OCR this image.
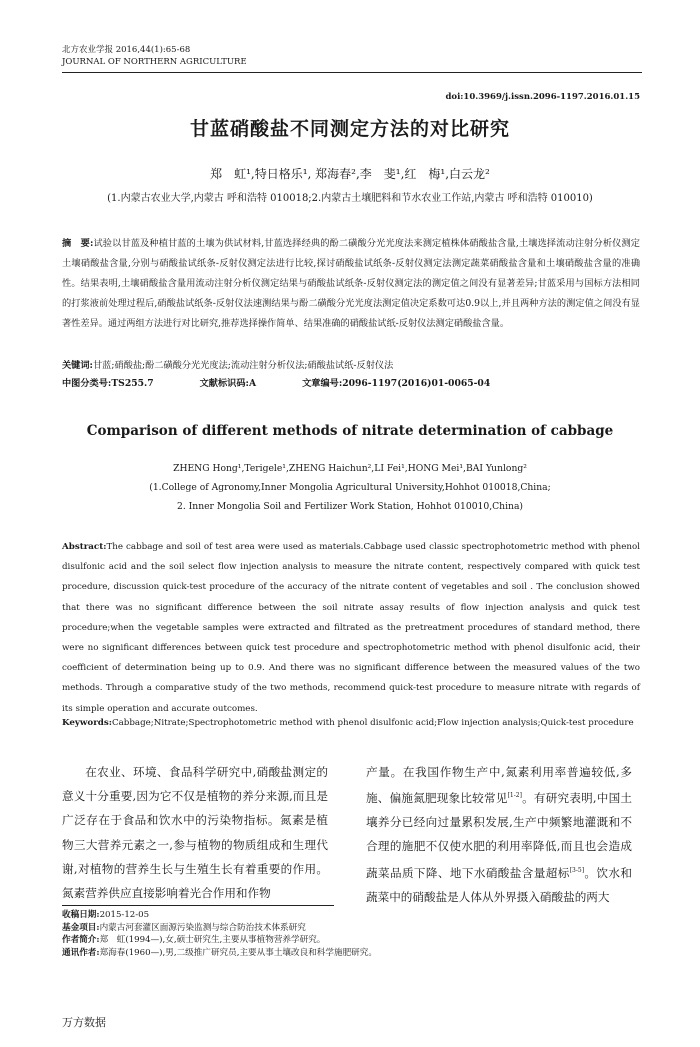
北方农业学报 2016,44(1):65-68
JOURNAL OF NORTHERN AGRICULTURE
doi:10.3969/j.issn.2096-1197.2016.01.15
甘蓝硝酸盐不同测定方法的对比研究
郑　虹¹,特日格乐¹, 郑海春²,李　斐¹,红　梅¹,白云龙²
(1.内蒙古农业大学,内蒙古 呼和浩特 010018;2.内蒙古土壤肥料和节水农业工作站,内蒙古 呼和浩特 010010)
摘　要:试验以甘蓝及种植甘蓝的土壤为供试材料,甘蓝选择经典的酚二磺酸分光光度法来测定植株体硝酸盐含量,土壤选择流动注射分析仪测定土壤硝酸盐含量,分别与硝酸盐试纸条-反射仪测定法进行比较,探讨硝酸盐试纸条-反射仪测定法测定蔬菜硝酸盐含量和土壤硝酸盐含量的准确性。结果表明,土壤硝酸盐含量用流动注射分析仪测定结果与硝酸盐试纸条-反射仪测定法的测定值之间没有显著差异;甘蓝采用与国标方法相同的打浆液前处理过程后,硝酸盐试纸条-反射仪法速测结果与酚二磺酸分光光度法测定值决定系数可达0.9以上,并且两种方法的测定值之间没有显著性差异。通过两组方法进行对比研究,推荐选择操作简单、结果准确的硝酸盐试纸-反射仪法测定硝酸盐含量。
关键词:甘蓝;硝酸盐;酚二磺酸分光光度法;流动注射分析仪法;硝酸盐试纸-反射仪法
中图分类号:TS255.7	文献标识码:A	文章编号:2096-1197(2016)01-0065-04
Comparison of different methods of nitrate determination of cabbage
ZHENG Hong¹,Terigele¹,ZHENG Haichun²,LI Fei¹,HONG Mei¹,BAI Yunlong²
(1.College of Agronomy,Inner Mongolia Agricultural University,Hohhot 010018,China;
2. Inner Mongolia Soil and Fertilizer Work Station, Hohhot 010010,China)
Abstract:The cabbage and soil of test area were used as materials.Cabbage used classic spectrophotometric method with phenol disulfonic acid and the soil select flow injection analysis to measure the nitrate content, respectively compared with quick test procedure, discussion quick-test procedure of the accuracy of the nitrate content of vegetables and soil . The conclusion showed that there was no significant difference between the soil nitrate assay results of flow injection analysis and quick test procedure;when the vegetable samples were extracted and filtrated as the pretreatment procedures of standard method, there were no significant differences between quick test procedure and spectrophotometric method with phenol disulfonic acid, their coefficient of determination being up to 0.9. And there was no significant difference between the measured values of the two methods. Through a comparative study of the two methods, recommend quick-test procedure to measure nitrate with regards of its simple operation and accurate outcomes.
Keywords:Cabbage;Nitrate;Spectrophotometric method with phenol disulfonic acid;Flow injection analysis;Quick-test procedure
在农业、环境、食品科学研究中,硝酸盐测定的意义十分重要,因为它不仅是植物的养分来源,而且是广泛存在于食品和饮水中的污染物指标。氮素是植物三大营养元素之一,参与植物的物质组成和生理代谢,对植物的营养生长与生殖生长有着重要的作用。氮素营养供应直接影响着光合作用和作物
产量。在我国作物生产中,氮素利用率普遍较低,多施、偏施氮肥现象比较常见[1-2]。有研究表明,中国土壤养分已经向过量累积发展,生产中频繁地灌溉和不合理的施肥不仅使水肥的利用率降低,而且也会造成蔬菜品质下降、地下水硝酸盐含量超标[3-5]。饮水和蔬菜中的硝酸盐是人体从外界摄入硝酸盐的两大
收稿日期:2015-12-05
基金项目:内蒙古河套灌区面源污染监测与综合防治技术体系研究
作者简介:郑　虹(1994—),女,硕士研究生,主要从事植物营养学研究。
通讯作者:郑海春(1960—),男,二级推广研究员,主要从事土壤改良和科学施肥研究。
万方数据
